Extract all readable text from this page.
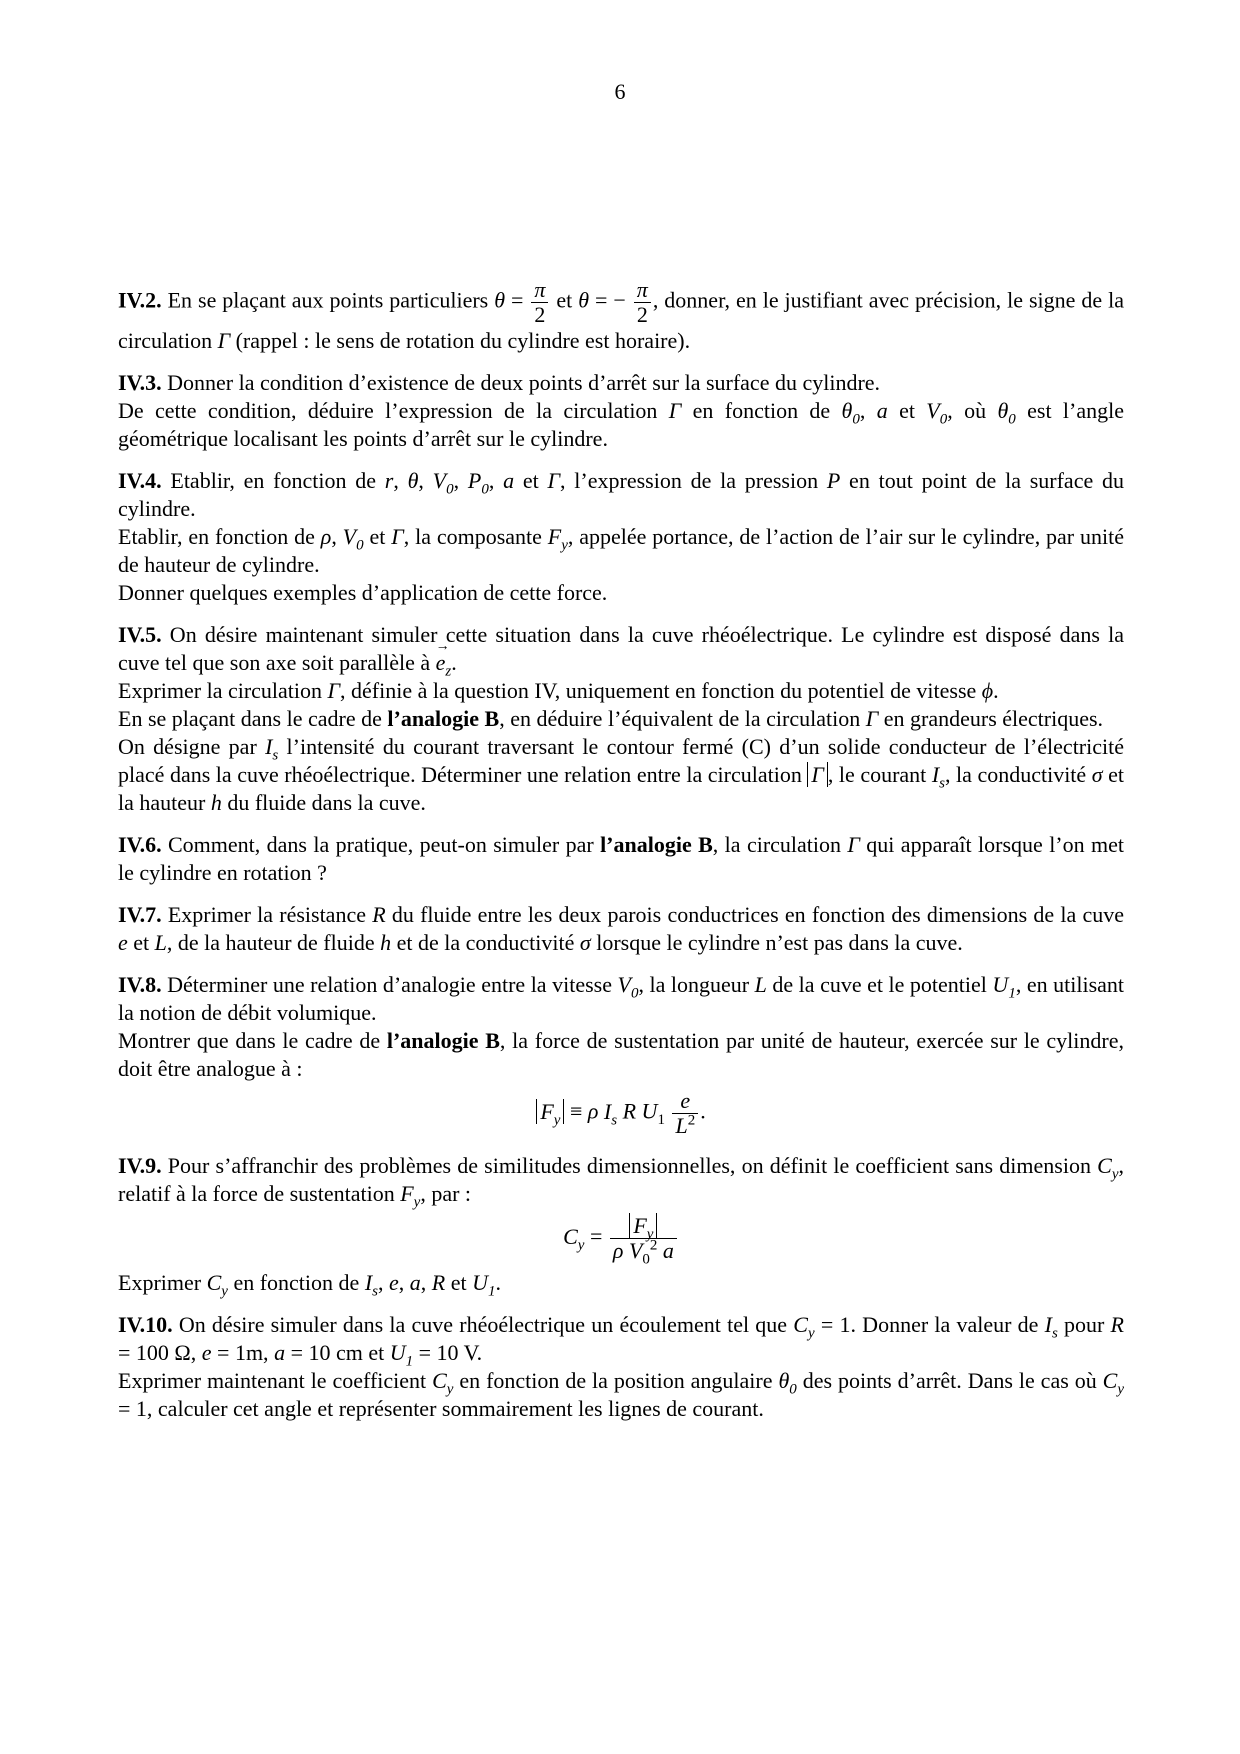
6

IV.2. En se plaçant aux points particuliers $\theta = \frac{\pi}{2}$ et θ = − $\frac{\pi}{2}$ , donner, en le justifiant avec précision, le signe de la circulation Γ (rappel : le sens de rotation du cylindre est horaire).

IV.3. Donner la condition d’existence de deux points d’arrêt sur la surface du cylindre.

De cette condition, déduire l’expression de la circulation Γ en fonction de $\theta_0$, a et $V_0$, où $\theta_0$ est l’angle géométrique localisant les points d’arrêt sur le cylindre.

IV.4. Etablir, en fonction de r, θ, $V_0$, $P_0$, a et Γ, l’expression de la pression P en tout point de la surface du cylindre.

Etablir, en fonction de ρ, $V_0$ et Γ, la composante $F_y$, appelée portance, de l’action de l’air sur le cylindre, par unité de hauteur de cylindre.

Donner quelques exemples d’application de cette force.

IV.5. On désire maintenant simuler cette situation dans la cuve rhéoélectrique. Le cylindre est disposé dans la cuve tel que son axe soit parallèle à → $e_z$.

Exprimer la circulation Γ, définie à la question IV, uniquement en fonction du potentiel de vitesse ϕ.

En se plaçant dans le cadre de l’analogie B, en déduire l’équivalent de la circulation Γ en grandeurs électriques.

On désigne par $I_s$ l’intensité du courant traversant le contour fermé (C) d’un solide conducteur de l’électricité placé dans la cuve rhéoélectrique. Déterminer une relation entre la circulation Γ , le courant $I_s$, la conductivité σ et la hauteur h du fluide dans la cuve.

IV.6. Comment, dans la pratique, peut-on simuler par l’analogie B, la circulation Γ qui apparaît lorsque l’on met le cylindre en rotation ?

IV.7. Exprimer la résistance R du fluide entre les deux parois conductrices en fonction des dimensions de la cuve e et L, de la hauteur de fluide h et de la conductivité σ lorsque le cylindre n’est pas dans la cuve.

IV.8. Déterminer une relation d’analogie entre la vitesse $V_0$, la longueur L de la cuve et le potentiel $U_1$, en utilisant la notion de débit volumique.

Montrer que dans le cadre de l’analogie B, la force de sustentation par unité de hauteur, exercée sur le cylindre, doit être analogue à :

$F_y \equiv \rho$ $I_s$ R $U_1 \frac{e}{L^2}$ .

IV.9. Pour s’affranchir des problèmes de similitudes dimensionnelles, on définit le coefficient sans dimension $C_y$, relatif à la force de sustentation $F_y$, par :

$C_y = \frac{F_y}{\rho V_0^2 a}$

Exprimer $C_y$ en fonction de $I_s$, e, a, R et $U_1$.

IV.10. On désire simuler dans la cuve rhéoélectrique un écoulement tel que $C_y = 1$. Donner la valeur de $I_s$ pour R = 100 Ω, e = 1m, a = 10 cm et $U_1 = 10$ V.

Exprimer maintenant le coefficient $C_y$ en fonction de la position angulaire $\theta_0$ des points d’arrêt. Dans le cas où $C_y = 1$, calculer cet angle et représenter sommairement les lignes de courant.
